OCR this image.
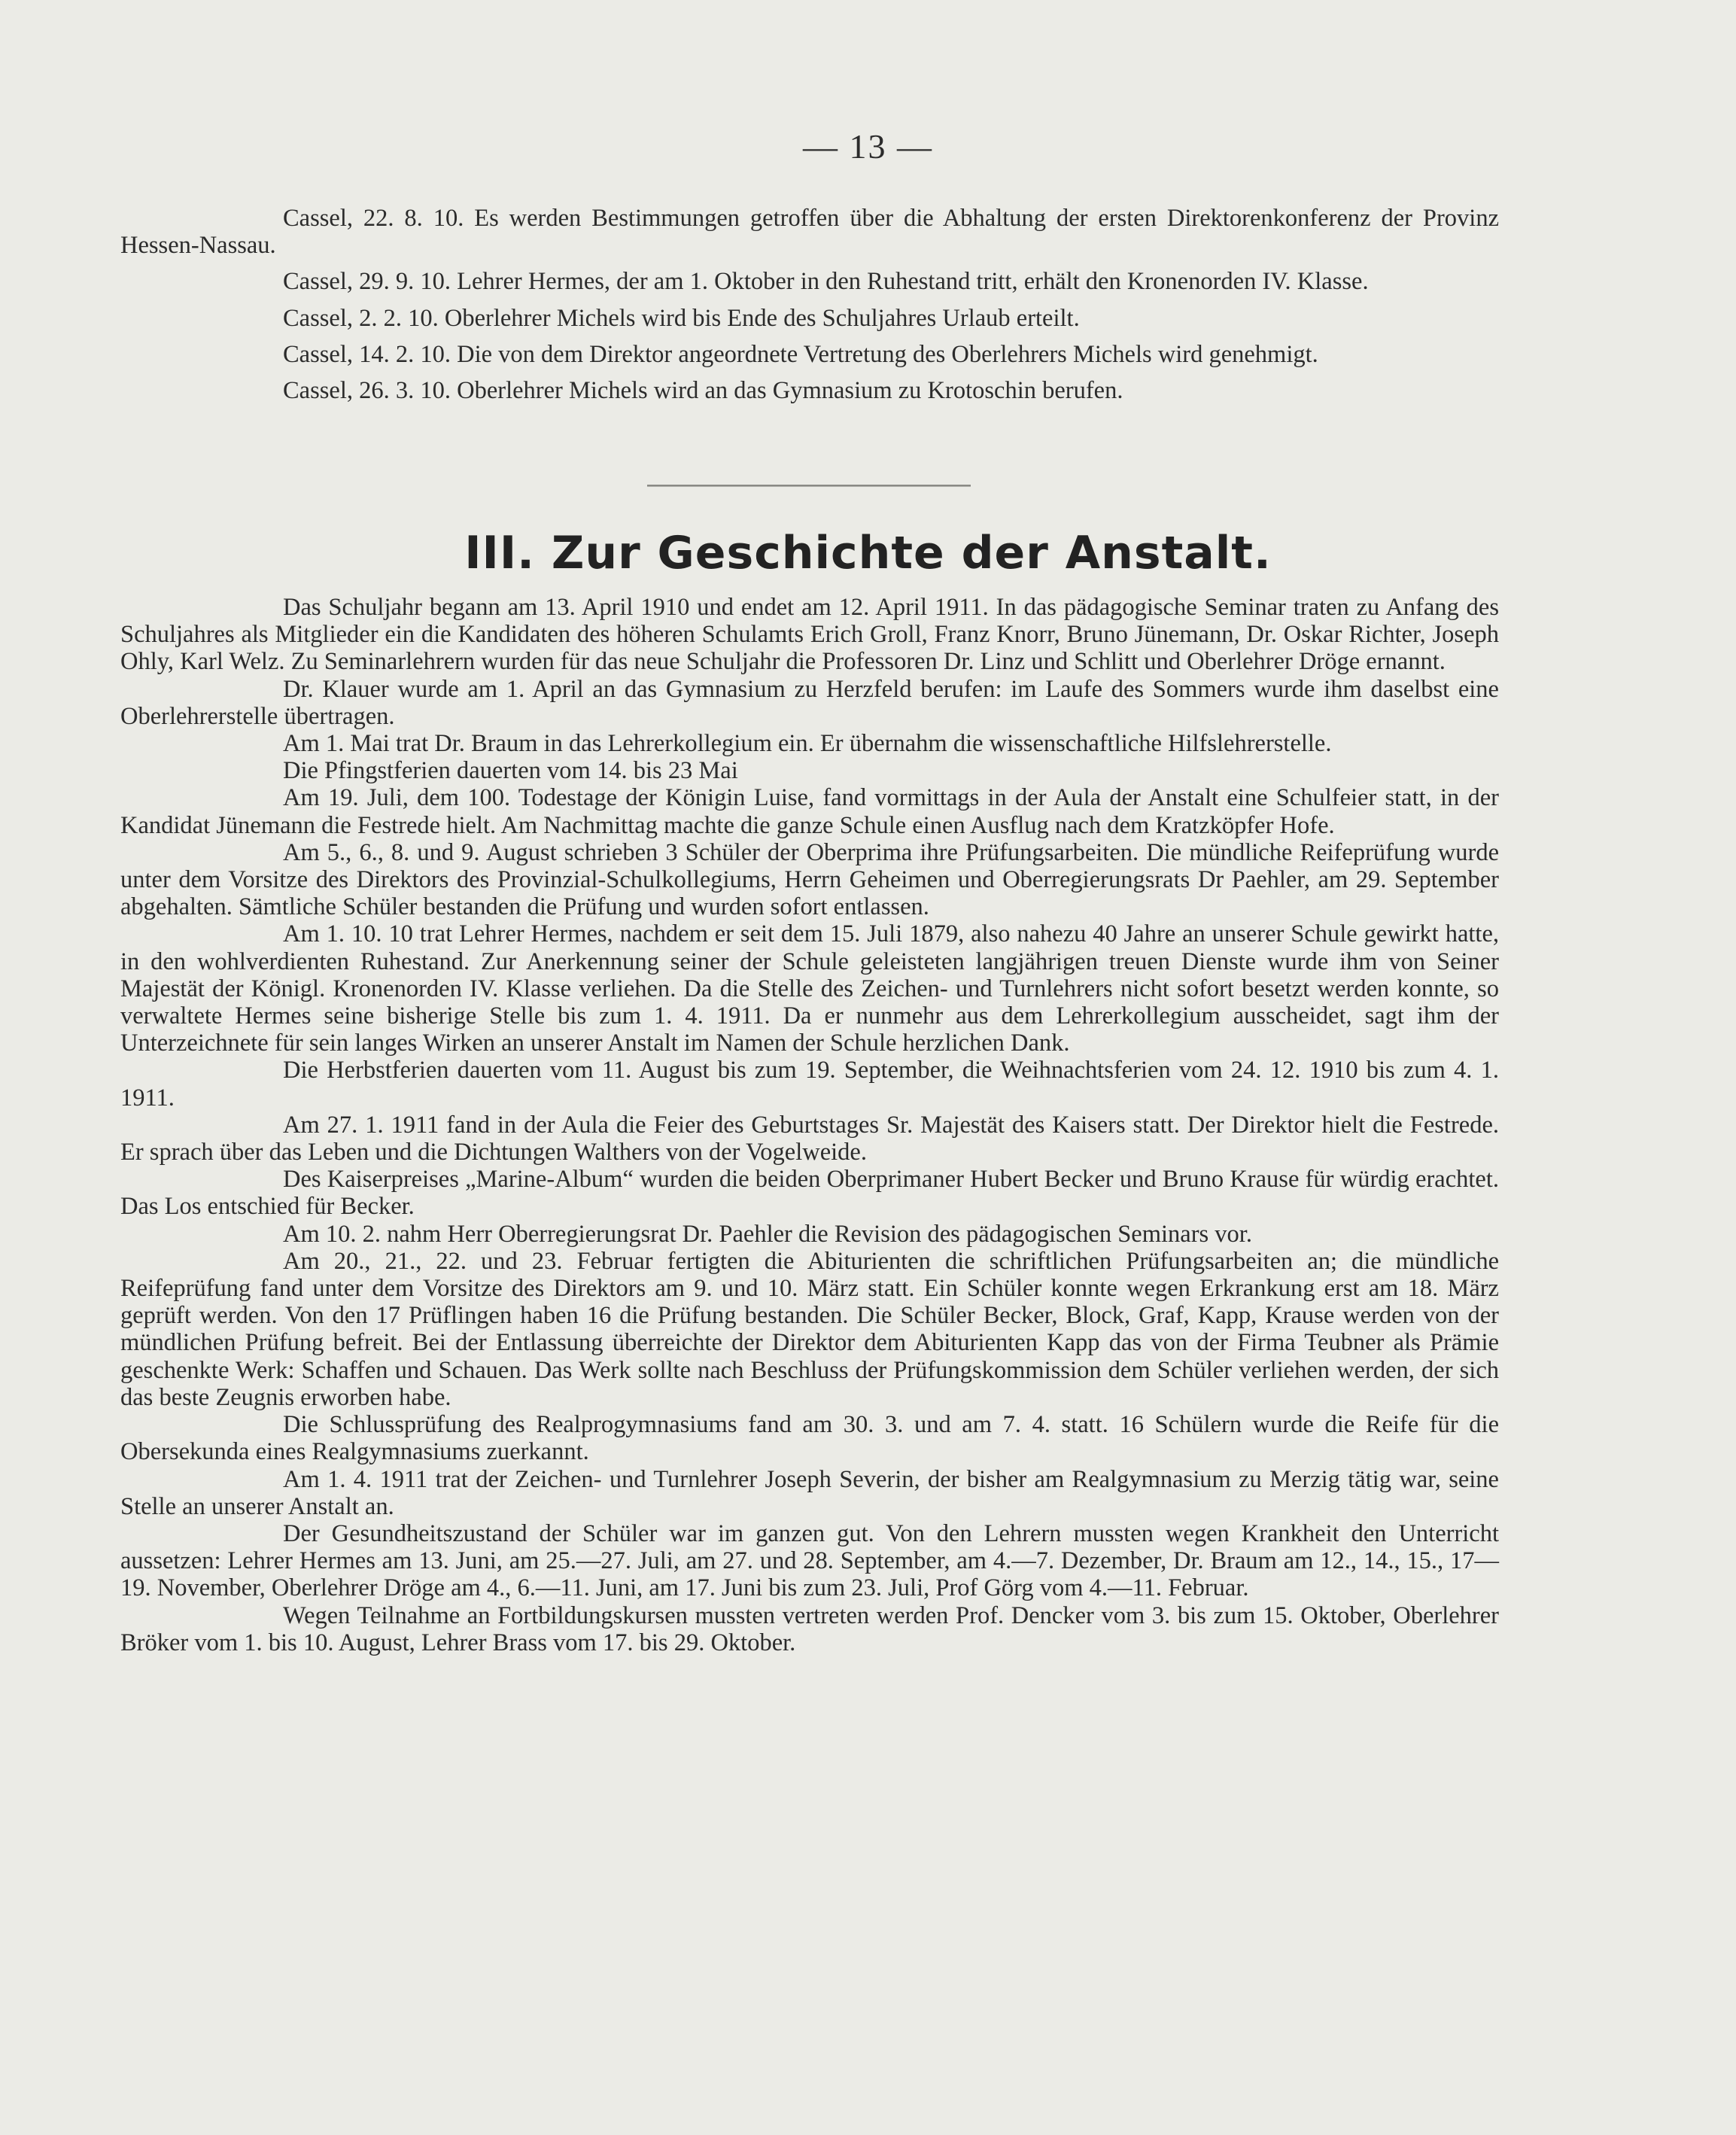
— 13 —

Cassel, 22. 8. 10. Es werden Bestimmungen getroffen über die Abhaltung der ersten Direktorenkonferenz der Provinz Hessen-Nassau.

Cassel, 29. 9. 10. Lehrer Hermes, der am 1. Oktober in den Ruhestand tritt, erhält den Kronenorden IV. Klasse.

Cassel, 2. 2. 10. Oberlehrer Michels wird bis Ende des Schuljahres Urlaub erteilt.

Cassel, 14. 2. 10. Die von dem Direktor angeordnete Vertretung des Oberlehrers Michels wird genehmigt.

Cassel, 26. 3. 10. Oberlehrer Michels wird an das Gymnasium zu Krotoschin berufen.

III. Zur Geschichte der Anstalt.

Das Schuljahr begann am 13. April 1910 und endet am 12. April 1911. In das pädagogische Seminar traten zu Anfang des Schuljahres als Mitglieder ein die Kandidaten des höheren Schulamts Erich Groll, Franz Knorr, Bruno Jünemann, Dr. Oskar Richter, Joseph Ohly, Karl Welz. Zu Seminarlehrern wurden für das neue Schuljahr die Professoren Dr. Linz und Schlitt und Oberlehrer Dröge ernannt.

Dr. Klauer wurde am 1. April an das Gymnasium zu Herzfeld berufen: im Laufe des Sommers wurde ihm daselbst eine Oberlehrerstelle übertragen.

Am 1. Mai trat Dr. Braum in das Lehrerkollegium ein. Er übernahm die wissenschaftliche Hilfslehrerstelle.

Die Pfingstferien dauerten vom 14. bis 23 Mai

Am 19. Juli, dem 100. Todestage der Königin Luise, fand vormittags in der Aula der Anstalt eine Schulfeier statt, in der Kandidat Jünemann die Festrede hielt. Am Nachmittag machte die ganze Schule einen Ausflug nach dem Kratzköpfer Hofe.

Am 5., 6., 8. und 9. August schrieben 3 Schüler der Oberprima ihre Prüfungsarbeiten. Die mündliche Reifeprüfung wurde unter dem Vorsitze des Direktors des Provinzial-Schulkollegiums, Herrn Geheimen und Oberregierungsrats Dr Paehler, am 29. September abgehalten. Sämtliche Schüler bestanden die Prüfung und wurden sofort entlassen.

Am 1. 10. 10 trat Lehrer Hermes, nachdem er seit dem 15. Juli 1879, also nahezu 40 Jahre an unserer Schule gewirkt hatte, in den wohlverdienten Ruhestand. Zur Anerkennung seiner der Schule geleisteten langjährigen treuen Dienste wurde ihm von Seiner Majestät der Königl. Kronenorden IV. Klasse verliehen. Da die Stelle des Zeichen- und Turnlehrers nicht sofort besetzt werden konnte, so verwaltete Hermes seine bisherige Stelle bis zum 1. 4. 1911. Da er nunmehr aus dem Lehrerkollegium ausscheidet, sagt ihm der Unterzeichnete für sein langes Wirken an unserer Anstalt im Namen der Schule herzlichen Dank.

Die Herbstferien dauerten vom 11. August bis zum 19. September, die Weihnachtsferien vom 24. 12. 1910 bis zum 4. 1. 1911.

Am 27. 1. 1911 fand in der Aula die Feier des Geburtstages Sr. Majestät des Kaisers statt. Der Direktor hielt die Festrede. Er sprach über das Leben und die Dichtungen Walthers von der Vogelweide.

Des Kaiserpreises „Marine-Album“ wurden die beiden Oberprimaner Hubert Becker und Bruno Krause für würdig erachtet. Das Los entschied für Becker.

Am 10. 2. nahm Herr Oberregierungsrat Dr. Paehler die Revision des pädagogischen Seminars vor.

Am 20., 21., 22. und 23. Februar fertigten die Abiturienten die schriftlichen Prüfungsarbeiten an; die mündliche Reifeprüfung fand unter dem Vorsitze des Direktors am 9. und 10. März statt. Ein Schüler konnte wegen Erkrankung erst am 18. März geprüft werden. Von den 17 Prüflingen haben 16 die Prüfung bestanden. Die Schüler Becker, Block, Graf, Kapp, Krause werden von der mündlichen Prüfung befreit. Bei der Entlassung überreichte der Direktor dem Abiturienten Kapp das von der Firma Teubner als Prämie geschenkte Werk: Schaffen und Schauen. Das Werk sollte nach Beschluss der Prüfungskommission dem Schüler verliehen werden, der sich das beste Zeugnis erworben habe.

Die Schlussprüfung des Realprogymnasiums fand am 30. 3. und am 7. 4. statt. 16 Schülern wurde die Reife für die Obersekunda eines Realgymnasiums zuerkannt.

Am 1. 4. 1911 trat der Zeichen- und Turnlehrer Joseph Severin, der bisher am Realgymnasium zu Merzig tätig war, seine Stelle an unserer Anstalt an.

Der Gesundheitszustand der Schüler war im ganzen gut. Von den Lehrern mussten wegen Krankheit den Unterricht aussetzen: Lehrer Hermes am 13. Juni, am 25.—27. Juli, am 27. und 28. September, am 4.—7. Dezember, Dr. Braum am 12., 14., 15., 17—19. November, Oberlehrer Dröge am 4., 6.—11. Juni, am 17. Juni bis zum 23. Juli, Prof Görg vom 4.—11. Februar.

Wegen Teilnahme an Fortbildungskursen mussten vertreten werden Prof. Dencker vom 3. bis zum 15. Oktober, Oberlehrer Bröker vom 1. bis 10. August, Lehrer Brass vom 17. bis 29. Oktober.
